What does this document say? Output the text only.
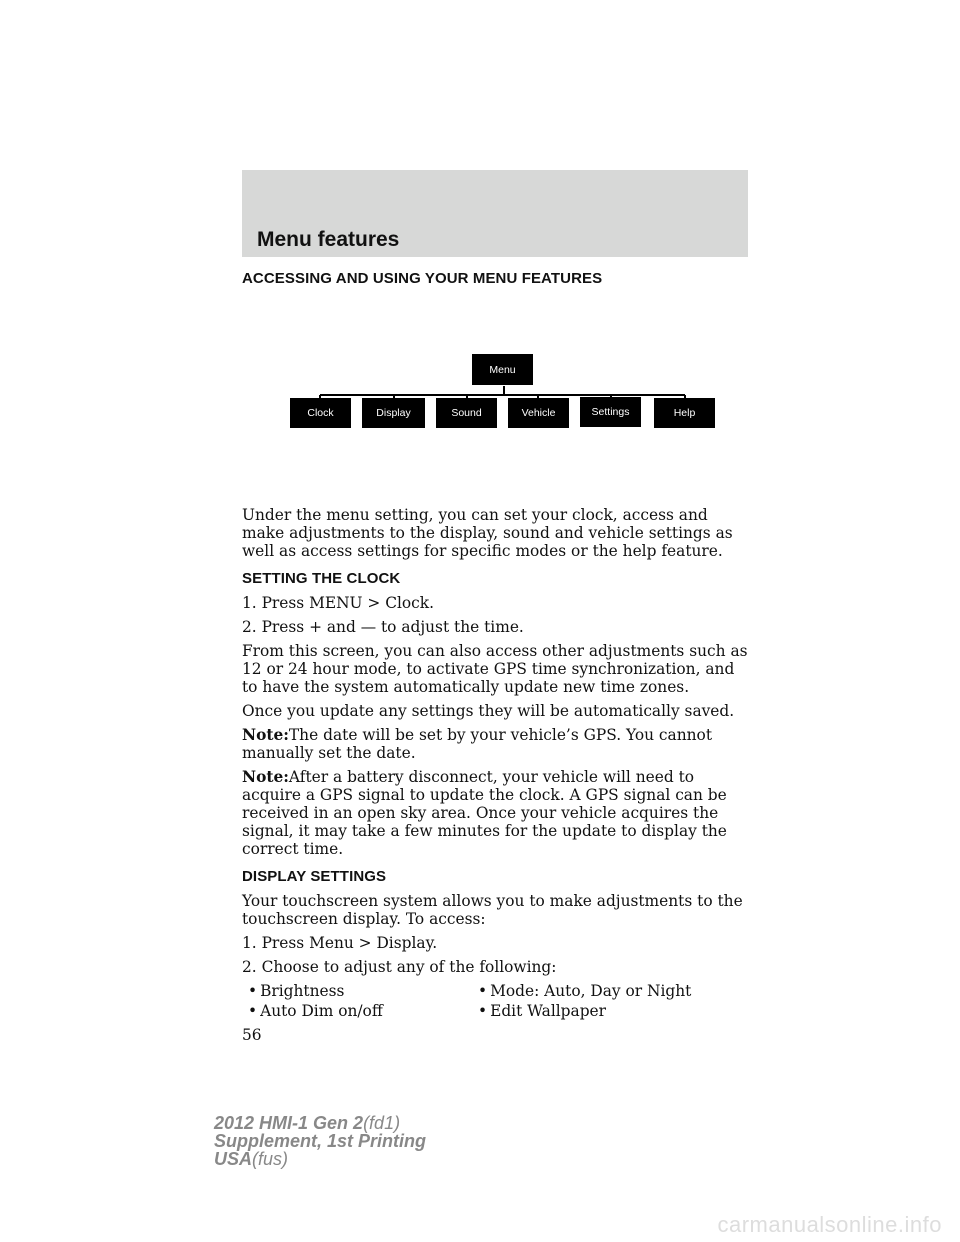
Menu features
ACCESSING AND USING YOUR MENU FEATURES
Menu
Clock	Display	Sound	Vehicle	Settings	Help

Under the menu setting, you can set your clock, access and make adjustments to the display, sound and vehicle settings as well as access settings for specific modes or the help feature.

SETTING THE CLOCK

1. Press MENU > Clock.

2. Press + and — to adjust the time.

From this screen, you can also access other adjustments such as 12 or 24 hour mode, to activate GPS time synchronization, and to have the system automatically update new time zones.

Once you update any settings they will be automatically saved.

Note:The date will be set by your vehicle’s GPS. You cannot manually set the date.

Note:After a battery disconnect, your vehicle will need to acquire a GPS signal to update the clock. A GPS signal can be received in an open sky area. Once your vehicle acquires the signal, it may take a few minutes for the update to display the correct time.

DISPLAY SETTINGS

Your touchscreen system allows you to make adjustments to the touchscreen display. To access:

1. Press Menu > Display.

2. Choose to adjust any of the following:

• Brightness	• Mode: Auto, Day or Night
• Auto Dim on/off	• Edit Wallpaper
56
2012 HMI-1 Gen 2(fd1)
Supplement, 1st Printing
USA(fus)
carmanualsonline.info
